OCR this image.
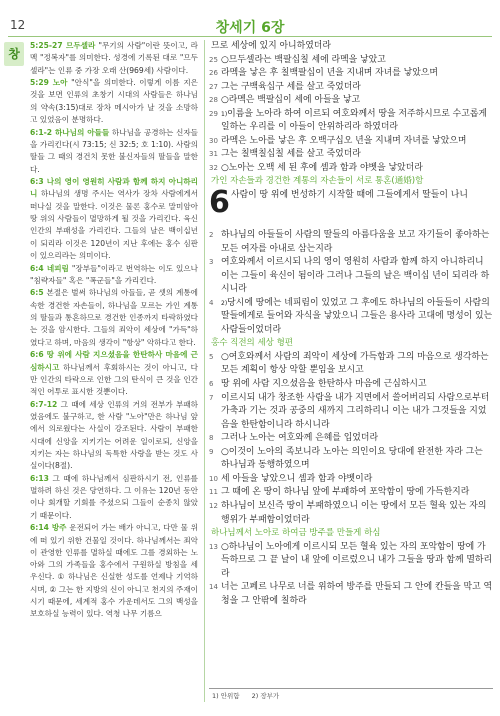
12	창세기 6장
창

5:25-27 므두셀라 "무기의 사람"이란 뜻이고, 라멕 "정복자"를 의미한다. 성경에 기록된 대로 "므두셀라"는 인류 중 가장 오래 산(969세) 사람이다.

5:29 노아 "안식"을 의미한다. 이렇게 이름 지은 것을 보면 인류의 초창기 시대의 사람들은 하나님의 약속(3:15)대로 장차 메시아가 날 것을 소망하고 있었음이 분명하다.

6:1-2 하나님의 아들들 하나님을 공경하는 신자들을 가리킨다(시 73:15; 신 32:5; 호 1:10). 사람의 딸들 그 때의 경건치 못한 불신자들의 딸들을 말한다.

6:3 나의 영이 영원히 사람과 함께 하지 아니하리니 하나님의 생명 주시는 역사가 장차 사람에게서 떠나실 것을 말한다. 이것은 물론 홍수로 말미암아 땅 위의 사람들이 멸망하게 될 것을 가리킨다. 육신 인간의 부패성을 가리킨다. 그들의 날은 백이십년이 되리라 이것은 120년이 지난 후에는 홍수 심판이 있으리라는 의미이다.

6:4 네피림 "장부들"이라고 번역하는 이도 있으나 "침략자들" 혹은 "폭군들"을 가리킨다.

6:5 본절은 벌써 하나님의 아들들, 곧 셋의 계통에 속한 경건한 자손들이, 하나님을 모르는 가인 계통의 딸들과 통혼하므로 경건한 인종까지 타락하였다는 것을 암시한다. 그들의 죄악이 세상에 "가득"하였다고 하며, 마음의 생각이 "항상" 악하다고 한다.

6:6 땅 위에 사람 지으셨음을 한탄하사 마음에 근심하시고 하나님께서 후회하시는 것이 아니고, 다만 인간의 타락으로 인한 그의 탄식이 큰 것을 인간적인 어투로 표시한 것뿐이다.

6:7-12 그 때에 세상 인류의 거의 전부가 부패하였음에도 불구하고, 한 사람 "노아"만은 하나님 앞에서 의로웠다는 사실이 강조된다. 사람이 부패한 시대에 신앙을 지키기는 어려운 일이로되, 신앙을 지키는 자는 하나님의 독특한 사랑을 받는 것도 사실이다(8절).

6:13 그 때에 하나님께서 심판하시기 전, 인류를 멸하려 하신 것은 당연하다. 그 이유는 120년 동안이나 회개할 기회를 주셨으되 그들이 순종치 않았기 때문이다.

6:14 방주 운전되어 가는 배가 아니고, 다만 물 위에 떠 있기 위한 건물일 것이다. 하나님께서는 죄악이 관영한 인류를 멸하실 때에도 그를 경외하는 노아와 그의 가족들을 홍수에서 구원하실 방침을 세우신다. ① 하나님은 신실한 성도를 언제나 기억하시며, ② 그는 한 지방의 신이 아니고 천지의 주재이시기 때문에, 세계적 홍수 가운데서도 그의 백성을 보호하실 능력이 있다. 역청 나무 기름으

므로 세상에 있지 아니하였더라

25 ○므두셀라는 백팔십칠 세에 라멕을 낳았고

26 라멕을 낳은 후 칠백팔십이 년을 지내며 자녀를 낳았으며

27 그는 구백육십구 세를 살고 죽었더라

28 ○라멕은 백팔십이 세에 아들을 낳고

29 $^{1)}$이름을 노아라 하여 이르되 여호와께서 땅을 저주하시므로 수고롭게 일하는 우리를 이 아들이 안위하리라 하였더라

30 라멕은 노아를 낳은 후 오백구십오 년을 지내며 자녀를 낳았으며

31 그는 칠백칠십칠 세를 살고 죽었더라

32 ○노아는 오백 세 된 후에 셈과 함과 야벳을 낳았더라

가인 자손들과 경건한 계통의 자손들이 서로 통혼(通婚)함
6 사람이 땅 위에 번성하기 시작할 때에 그들에게서 딸들이 나니

2 하나님의 아들들이 사람의 딸들의 아름다움을 보고 자기들이 좋아하는 모든 여자를 아내로 삼는지라

3 여호와께서 이르시되 나의 영이 영원히 사람과 함께 하지 아니하리니 이는 그들이 육신이 됨이라 그러나 그들의 날은 백이십 년이 되리라 하시니라

4	$^{2)}$당시에 땅에는 네피림이 있었고 그 후에도 하나님의 아들들이 사람의 딸들에게로 들어와 자식을 낳았으니 그들은 용사라 고대에 명성이 있는 사람들이었더라

홍수 직전의 세상 형편

5 ○여호와께서 사람의 죄악이 세상에 가득함과 그의 마음으로 생각하는 모든 계획이 항상 악할 뿐임을 보시고

6 땅 위에 사람 지으셨음을 한탄하사 마음에 근심하시고

7 이르시되 내가 창조한 사람을 내가 지면에서 쓸어버리되 사람으로부터 가축과 기는 것과 공중의 새까지 그리하리니 이는 내가 그것들을 지었음을 한탄함이니라 하시니라

8 그러나 노아는 여호와께 은혜를 입었더라

9 ○이것이 노아의 족보니라 노아는 의인이요 당대에 완전한 자라 그는 하나님과 동행하였으며

10 세 아들을 낳았으니 셈과 함과 야벳이라

11 그 때에 온 땅이 하나님 앞에 부패하여 포악함이 땅에 가득한지라

12 하나님이 보신즉 땅이 부패하였으니 이는 땅에서 모든 혈육 있는 자의 행위가 부패함이었더라

하나님께서 노아로 하여금 방주를 만들게 하심

13 ○하나님이 노아에게 이르시되 모든 혈육 있는 자의 포악함이 땅에 가득하므로 그 끝 날이 내 앞에 이르렀으니 내가 그들을 땅과 함께 멸하리라

14 너는 고페르 나무로 너를 위하여 방주를 만들되 그 안에 칸들을 막고 역청을 그 안팎에 칠하라

1) 안위함 2) 장부가
